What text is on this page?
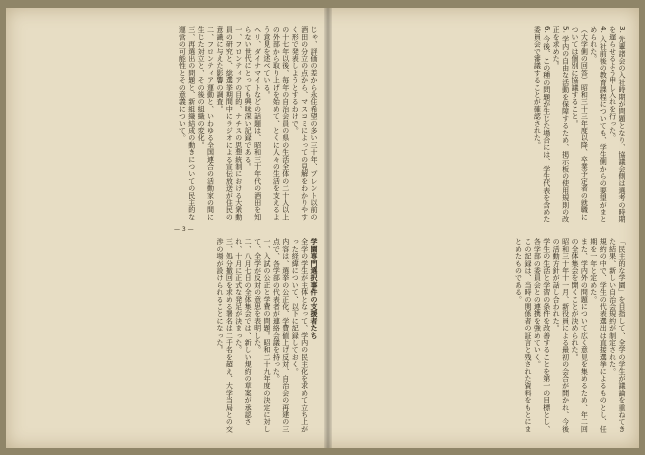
じゃ、評価の差から永住希望の多い三十年、プレント以前の酒田の分立の点から、マスコミによっての見解をわかりやすく形で発表しようとするわけで。
の十七年以後、毎年の自治会員の県の生活全体の二十人以上の外部から取り上げを始めて、とくに人々の生活を支えるよう意見を述べている。
ヘリ、ダイナマイトなどの話題は、昭和三十年代の酒田を知らない世代にとっても興味深い記録である。
一、フロンティアの目的、ナチスの思想統制における大衆動員の研究と、総選挙期間中にラジオによる宣伝放送が住民の意識に与えた影響の調査。
二、フロンティア運動と、いわゆる全国連合の活動家の間に生じた対立と、その後の組織の変化。
三、再選出の問題と、新組織結成の動きについての民主的な運営の可能性とその意義について。
— 3 —
学園専門選択事件の支援者たち
全学の学生が主体となって、学内の民主化を求めて立ち上がった経緯について、以下に記録しておく。
内容は、選挙の公正化、学費値上げ反対、自治会の再建の三点で、各学部の代表者が連絡会議を持った。
一、入試の公正と学費の問題。昭和二十九年度の決定に対して、全学が反対の意思を表明した。
二、八月七日の全体集会では、新しい規約の草案が承認され、十月に正式な発足が決まった。
三、処分撤回を求める署名は二千名を超え、大学当局との交渉の場が設けられることになった。
3. 先輩諸会の入社時期が問題となり、協議会側は選考の時期を遅らせるよう申し入れを行った。
4. 入社前後の教育課程についても、学生側からの要望がまとめられた。
（大学側の回答）昭和三十三年度以降、卒業予定者の就職については個別に協議すること。
5. 学内の自由な活動を保障するため、掲示板の使用規則の改正を求めた。
6. 今後、この種の問題が生じた場合には、学生代表を含めた委員会で審議することが確認された。
「民主的な学園」を目指して、全学の学生が議論を重ねてきた結果、新しい自治会規約が制定された。
規約の中で、学生の代表選出は直接選挙によるものとし、任期を一年と定めた。
また、学内外の問題について広く意見を集めるため、年二回の全体集会を開くことが決められた。
昭和三十年十一月、新役員による最初の会合が開かれ、今後の活動方針が話し合われた。
学生の生活と学習の条件を改善することを第一の目標とし、各学部の委員会との連携を強めていく。
この記録は、当時の関係者の証言と残された資料をもとにまとめたものである。
